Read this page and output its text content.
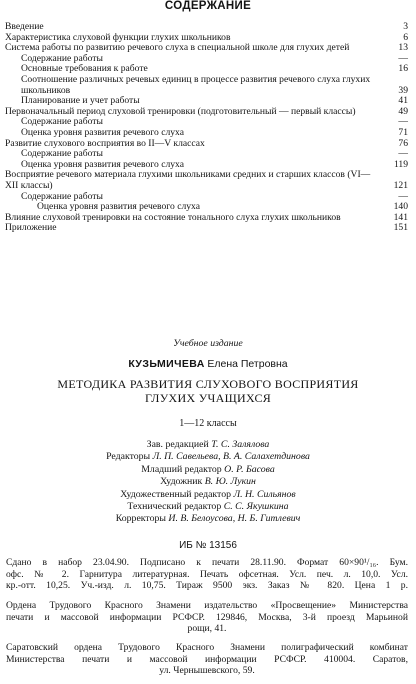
СОДЕРЖАНИЕ
Введение	3
Характеристика слуховой функции глухих школьников	6
Система работы по развитию речевого слуха в специальной школе для глухих детей	13
Содержание работы	—
Основные требования к работе	16
Соотношение различных речевых единиц в процессе развития речевого слуха глухих школьников	39
Планирование и учет работы	41
Первоначальный период слуховой тренировки (подготовительный — первый классы)	49
Содержание работы	—
Оценка уровня развития речевого слуха	71
Развитие слухового восприятия во II—V классах	76
Содержание работы	—
Оценка уровня развития речевого слуха	119
Восприятие речевого материала глухими школьниками средних и старших классов (VI—XII классы)	121
Содержание работы	—
Оценка уровня развития речевого слуха	140
Влияние слуховой тренировки на состояние тонального слуха глухих школьников	141
Приложение	151
Учебное издание
КУЗЬМИЧЕВА Елена Петровна
МЕТОДИКА РАЗВИТИЯ СЛУХОВОГО ВОСПРИЯТИЯ
ГЛУХИХ УЧАЩИХСЯ
1—12 классы
Зав. редакцией Т. С. Залялова
Редакторы Л. П. Савельева, В. А. Салахетдинова
Младший редактор О. Р. Басова
Художник В. Ю. Лукин
Художественный редактор Л. Н. Сильянов
Технический редактор С. С. Якушкина
Корректоры И. В. Белоусова, Н. Б. Гитлевич
ИБ № 13156
Сдано в набор 23.04.90. Подписано к печати 28.11.90. Формат 60×90¹/₁₆. Бум.
офс. № 2. Гарнитура литературная. Печать офсетная. Усл. печ. л. 10,0. Усл.
кр.-отт. 10,25. Уч.-изд. л. 10,75. Тираж 9500 экз. Заказ № 820. Цена 1 р.
Ордена Трудового Красного Знамени издательство «Просвещение» Министерства
печати и массовой информации РСФСР. 129846, Москва, 3-й проезд Марьиной
рощи, 41.
Саратовский ордена Трудового Красного Знамени полиграфический комбинат
Министерства печати и массовой информации РСФСР. 410004. Саратов,
ул. Чернышевского, 59.
